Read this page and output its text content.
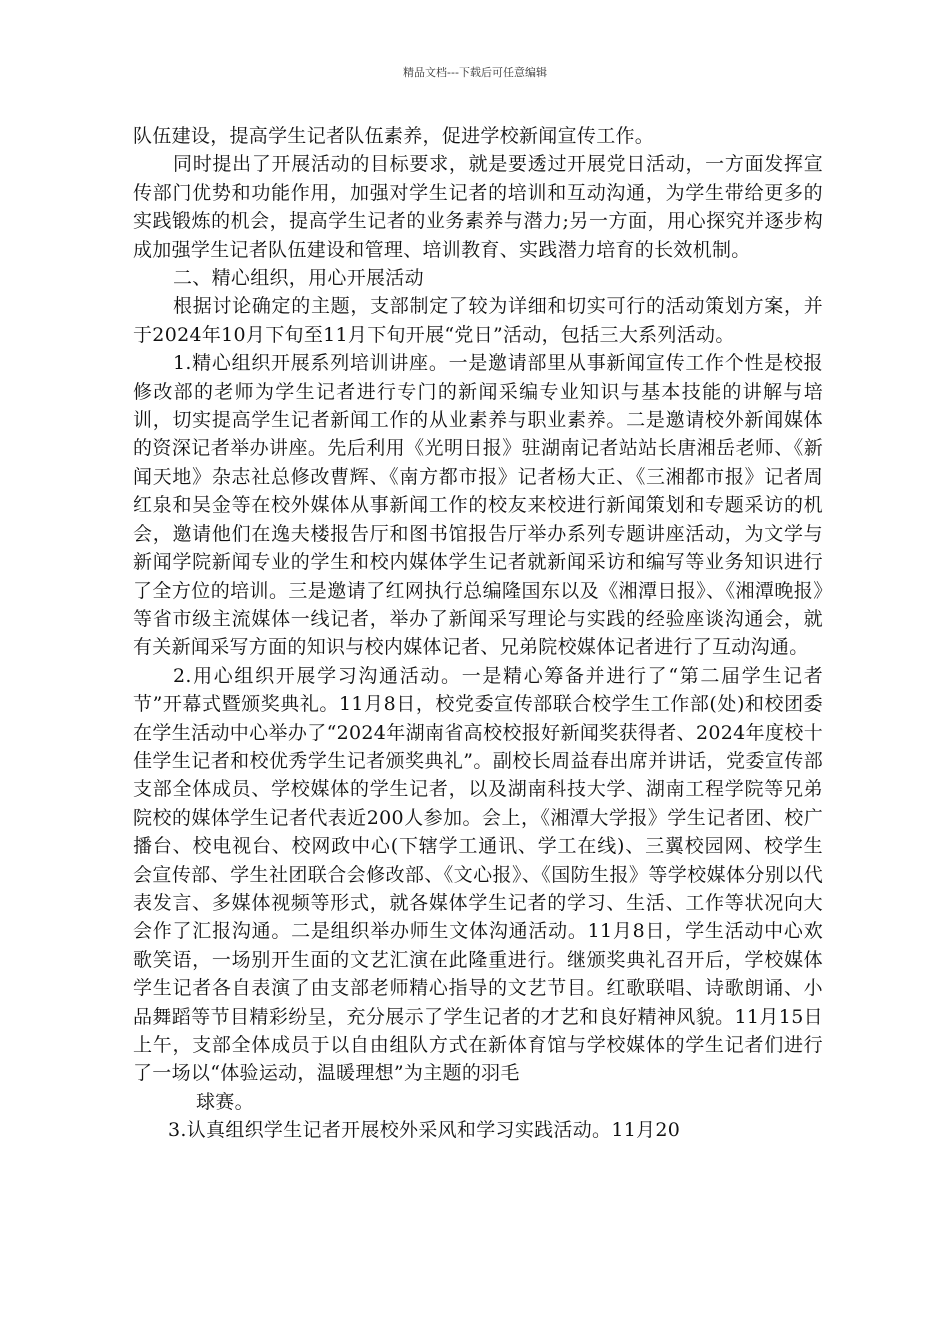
精品文档---下载后可任意编辑

队伍建设，提高学生记者队伍素养，促进学校新闻宣传工作。

同时提出了开展活动的目标要求，就是要透过开展党日活动，一方面发挥宣传部门优势和功能作用，加强对学生记者的培训和互动沟通，为学生带给更多的实践锻炼的机会，提高学生记者的业务素养与潜力;另一方面，用心探究并逐步构成加强学生记者队伍建设和管理、培训教育、实践潜力培育的长效机制。

二、精心组织，用心开展活动

根据讨论确定的主题，支部制定了较为详细和切实可行的活动策划方案，并于2024年10月下旬至11月下旬开展“党日”活动，包括三大系列活动。

1.精心组织开展系列培训讲座。一是邀请部里从事新闻宣传工作个性是校报修改部的老师为学生记者进行专门的新闻采编专业知识与基本技能的讲解与培训，切实提高学生记者新闻工作的从业素养与职业素养。二是邀请校外新闻媒体的资深记者举办讲座。先后利用《光明日报》驻湖南记者站站长唐湘岳老师、《新闻天地》杂志社总修改曹辉、《南方都市报》记者杨大正、《三湘都市报》记者周红泉和吴金等在校外媒体从事新闻工作的校友来校进行新闻策划和专题采访的机会，邀请他们在逸夫楼报告厅和图书馆报告厅举办系列专题讲座活动，为文学与新闻学院新闻专业的学生和校内媒体学生记者就新闻采访和编写等业务知识进行了全方位的培训。三是邀请了红网执行总编隆国东以及《湘潭日报》、《湘潭晚报》等省市级主流媒体一线记者，举办了新闻采写理论与实践的经验座谈沟通会，就有关新闻采写方面的知识与校内媒体记者、兄弟院校媒体记者进行了互动沟通。

2.用心组织开展学习沟通活动。一是精心筹备并进行了“第二届学生记者节”开幕式暨颁奖典礼。11月8日，校党委宣传部联合校学生工作部(处)和校团委在学生活动中心举办了“2024年湖南省高校校报好新闻奖获得者、2024年度校十佳学生记者和校优秀学生记者颁奖典礼”。副校长周益春出席并讲话，党委宣传部支部全体成员、学校媒体的学生记者，以及湖南科技大学、湖南工程学院等兄弟院校的媒体学生记者代表近200人参加。会上，《湘潭大学报》学生记者团、校广播台、校电视台、校网政中心(下辖学工通讯、学工在线)、三翼校园网、校学生会宣传部、学生社团联合会修改部、《文心报》、《国防生报》等学校媒体分别以代表发言、多媒体视频等形式，就各媒体学生记者的学习、生活、工作等状况向大会作了汇报沟通。二是组织举办师生文体沟通活动。11月8日，学生活动中心欢歌笑语，一场别开生面的文艺汇演在此隆重进行。继颁奖典礼召开后，学校媒体学生记者各自表演了由支部老师精心指导的文艺节目。红歌联唱、诗歌朗诵、小品舞蹈等节目精彩纷呈，充分展示了学生记者的才艺和良好精神风貌。11月15日上午，支部全体成员于以自由组队方式在新体育馆与学校媒体的学生记者们进行了一场以“体验运动，温暖理想”为主题的羽毛

球赛。

3.认真组织学生记者开展校外采风和学习实践活动。11月20
